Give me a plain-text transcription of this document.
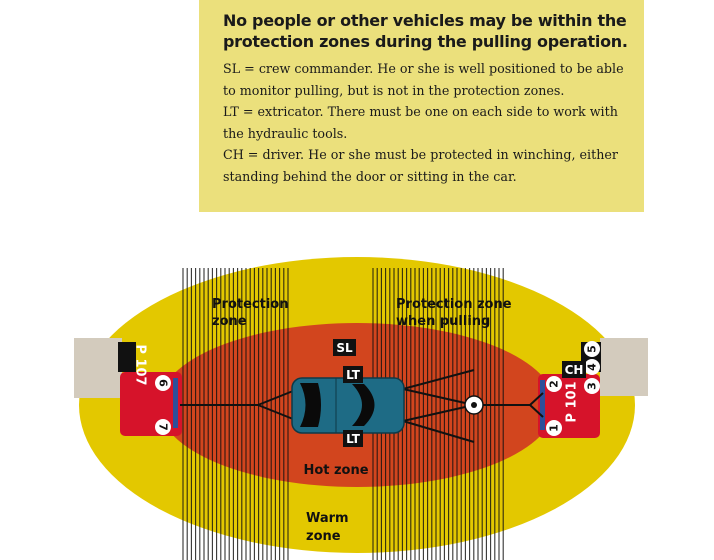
No people or other vehicles may be within the
protection zones during the pulling operation.

SL = crew commander. He or she is well positioned to be able

to monitor pulling, but is not in the protection zones.

LT = extricator. There must be one on each side to work with

the hydraulic tools.

CH = driver. He or she must be protected in winching, either

standing behind the door or sitting in the car.

P 107 6
7
P 101
2
1
3
4
5
Protection
zone
Protection zone
when pulling
Hot zone
Warm
zone
SL
LT
LT
CH
